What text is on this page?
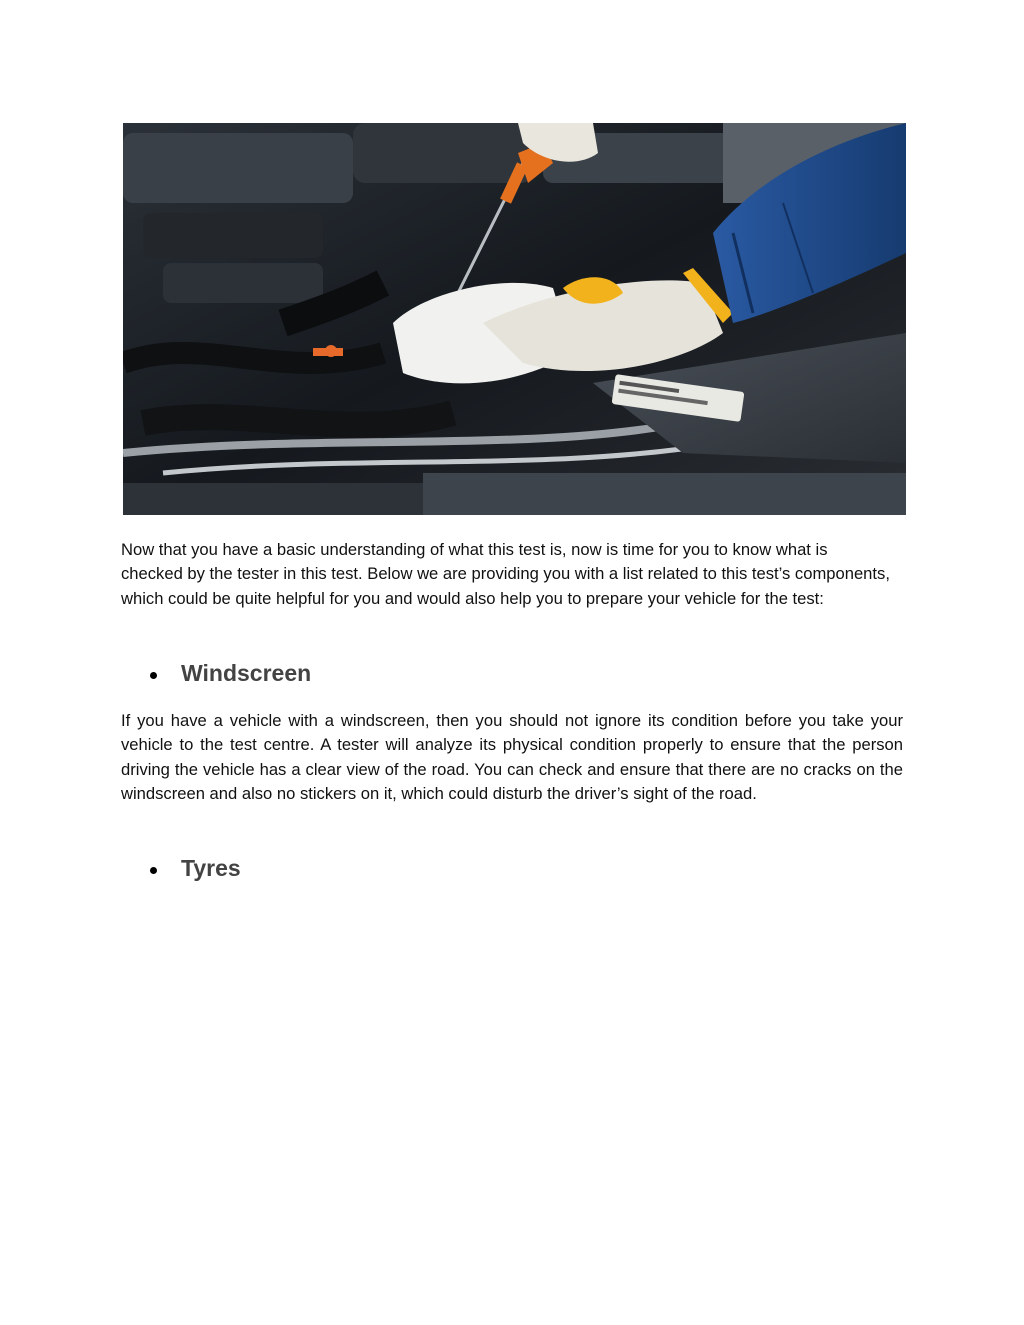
Now that you have a basic understanding of what this test is, now is time for you to know what is checked by the tester in this test. Below we are providing you with a list related to this test’s components, which could be quite helpful for you and would also help you to prepare your vehicle for the test:

Windscreen

If you have a vehicle with a windscreen, then you should not ignore its condition before you take your vehicle to the test centre. A tester will analyze its physical condition properly to ensure that the person driving the vehicle has a clear view of the road. You can check and ensure that there are no cracks on the windscreen and also no stickers on it, which could disturb the driver’s sight of the road.

Tyres
